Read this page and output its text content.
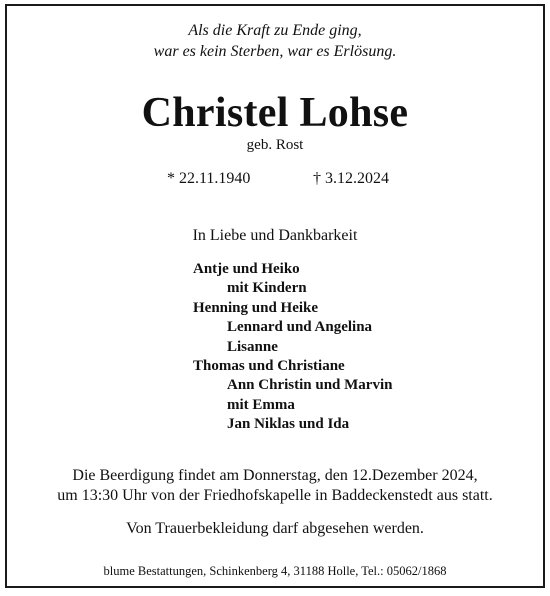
Als die Kraft zu Ende ging,
war es kein Sterben, war es Erlösung.
Christel Lohse
geb. Rost
* 22.11.1940	† 3.12.2024
In Liebe und Dankbarkeit
Antje und Heiko
mit Kindern
Henning und Heike
Lennard und Angelina
Lisanne
Thomas und Christiane
Ann Christin und Marvin
mit Emma
Jan Niklas und Ida
Die Beerdigung findet am Donnerstag, den 12.Dezember 2024,
um 13:30 Uhr von der Friedhofskapelle in Baddeckenstedt aus statt.
Von Trauerbekleidung darf abgesehen werden.
blume Bestattungen, Schinkenberg 4, 31188 Holle, Tel.: 05062/1868
